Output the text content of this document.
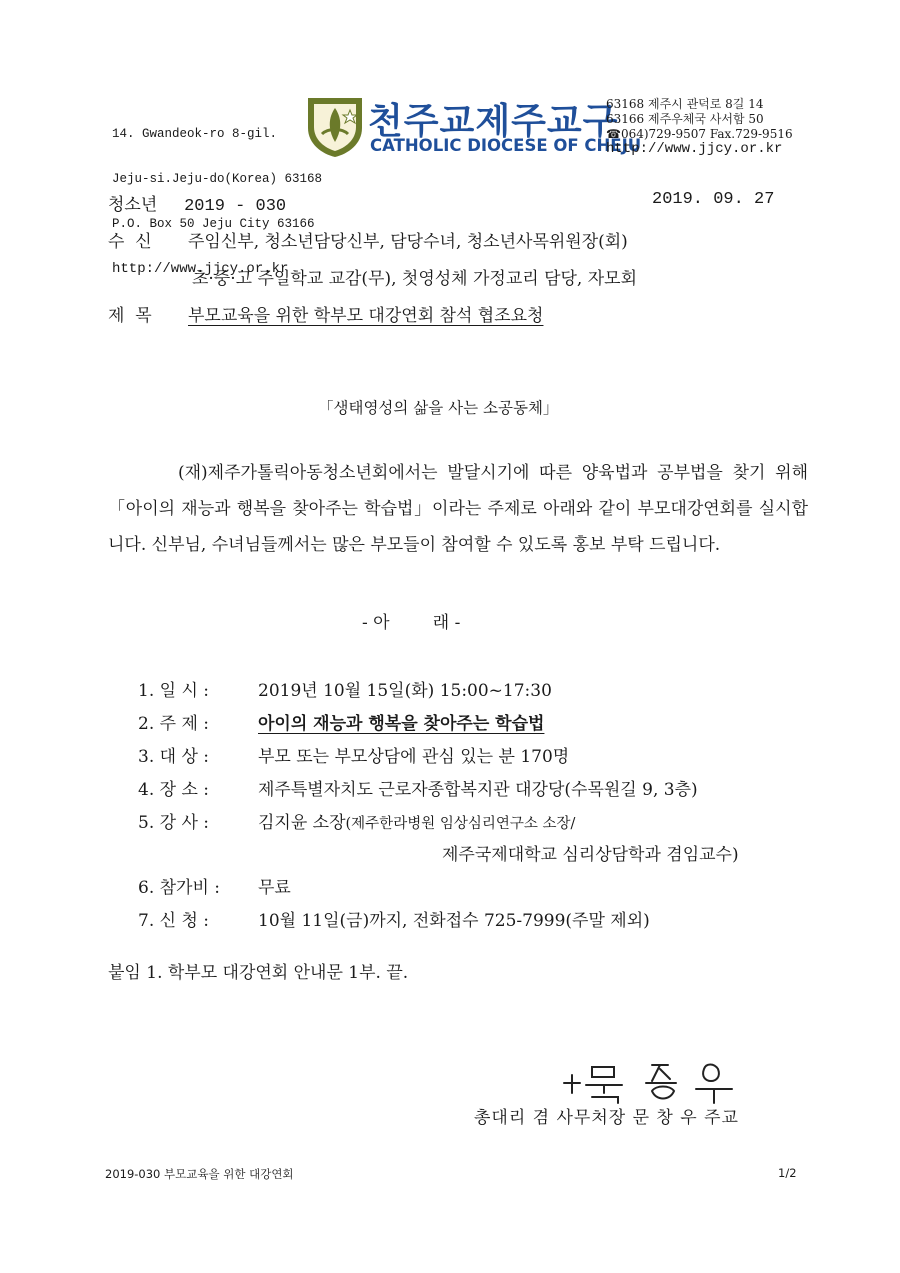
14. Gwandeok-ro 8-gil.

Jeju-si.Jeju-do(Korea) 63168

P.O. Box 50 Jeju City 63166

http://www.jjcy.or.kr

천주교제주교구
CATHOLIC DIOCESE OF CHEJU
63168 제주시 관덕로 8길 14
63166 제주우체국 사서함 50
☎064)729-9507 Fax.729-9516
http://www.jjcy.or.kr
청소년 2019 - 030	2019. 09. 27
수  신 주임신부, 청소년담당신부, 담당수녀, 청소년사목위원장(회)
초·중·고 주일학교 교감(무), 첫영성체 가정교리 담당, 자모회
제  목 부모교육을 위한 학부모 대강연회 참석 협조요청
「생태영성의 삶을 사는 소공동체」

(재)제주가톨릭아동청소년회에서는 발달시기에 따른 양육법과 공부법을 찾기 위해「아이의 재능과 행복을 찾아주는 학습법」이라는 주제로 아래와 같이 부모대강연회를 실시합니다. 신부님, 수녀님들께서는 많은 부모들이 참여할 수 있도록 홍보 부탁 드립니다.

- 아        래 -
1. 일 시 :	2019년 10월 15일(화) 15:00~17:30
2. 주 제 :	아이의 재능과 행복을 찾아주는 학습법
3. 대 상 :	부모 또는 부모상담에 관심 있는 분 170명
4. 장 소 :	제주특별자치도 근로자종합복지관 대강당(수목원길 9, 3층)
5. 강 사 :	김지윤 소장(제주한라병원 임상심리연구소 소장/
제주국제대학교 심리상담학과 겸임교수)
6. 참가비 : 무료
7. 신 청 :	10월 11일(금)까지, 전화접수 725-7999(주말 제외)
붙임 1. 학부모 대강연회 안내문 1부. 끝.
총대리 겸 사무처장 문 창 우 주교
2019-030 부모교육을 위한 대강연회	1/2
